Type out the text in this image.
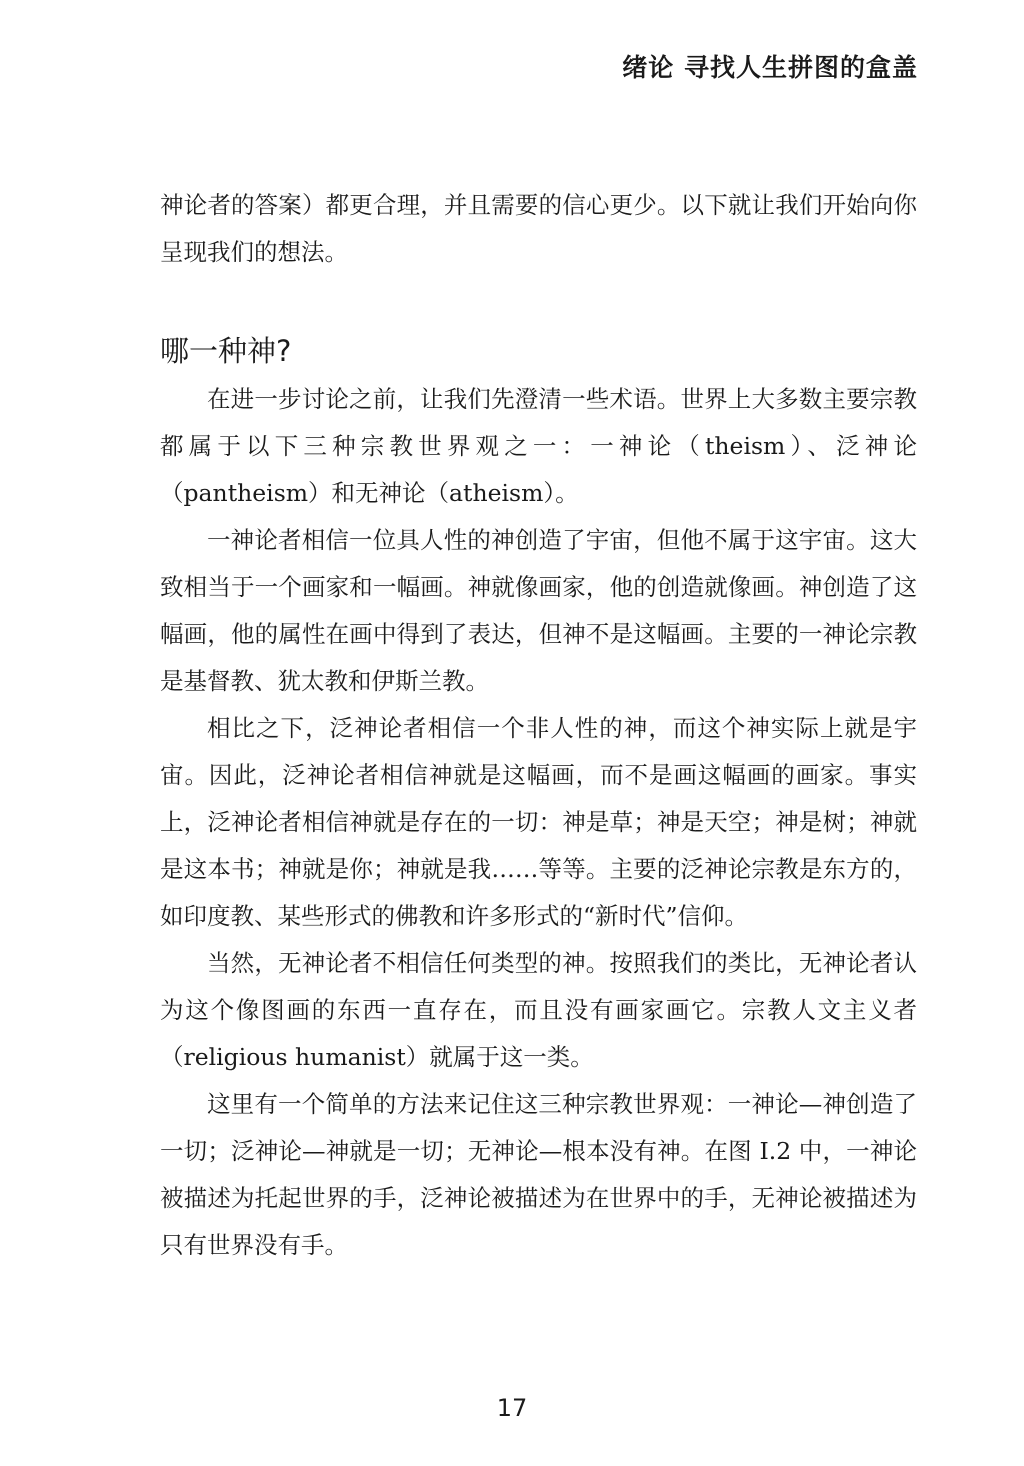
绪论 寻找人生拼图的盒盖

神论者的答案）都更合理，并且需要的信心更少。以下就让我们开始向你呈现我们的想法。

哪一种神?

在进一步讨论之前，让我们先澄清一些术语。世界上大多数主要宗教都属于以下三种宗教世界观之一：一神论（theism）、泛神论（pantheism）和无神论（atheism）。

一神论者相信一位具人性的神创造了宇宙，但他不属于这宇宙。这大致相当于一个画家和一幅画。神就像画家，他的创造就像画。神创造了这幅画，他的属性在画中得到了表达，但神不是这幅画。主要的一神论宗教是基督教、犹太教和伊斯兰教。

相比之下，泛神论者相信一个非人性的神，而这个神实际上就是宇宙。因此，泛神论者相信神就是这幅画，而不是画这幅画的画家。事实上，泛神论者相信神就是存在的一切：神是草；神是天空；神是树；神就是这本书；神就是你；神就是我……等等。主要的泛神论宗教是东方的，如印度教、某些形式的佛教和许多形式的“新时代”信仰。

当然，无神论者不相信任何类型的神。按照我们的类比，无神论者认为这个像图画的东西一直存在，而且没有画家画它。宗教人文主义者（religious humanist）就属于这一类。

这里有一个简单的方法来记住这三种宗教世界观：一神论—神创造了一切；泛神论—神就是一切；无神论—根本没有神。在图 I.2 中，一神论被描述为托起世界的手，泛神论被描述为在世界中的手，无神论被描述为只有世界没有手。

17
